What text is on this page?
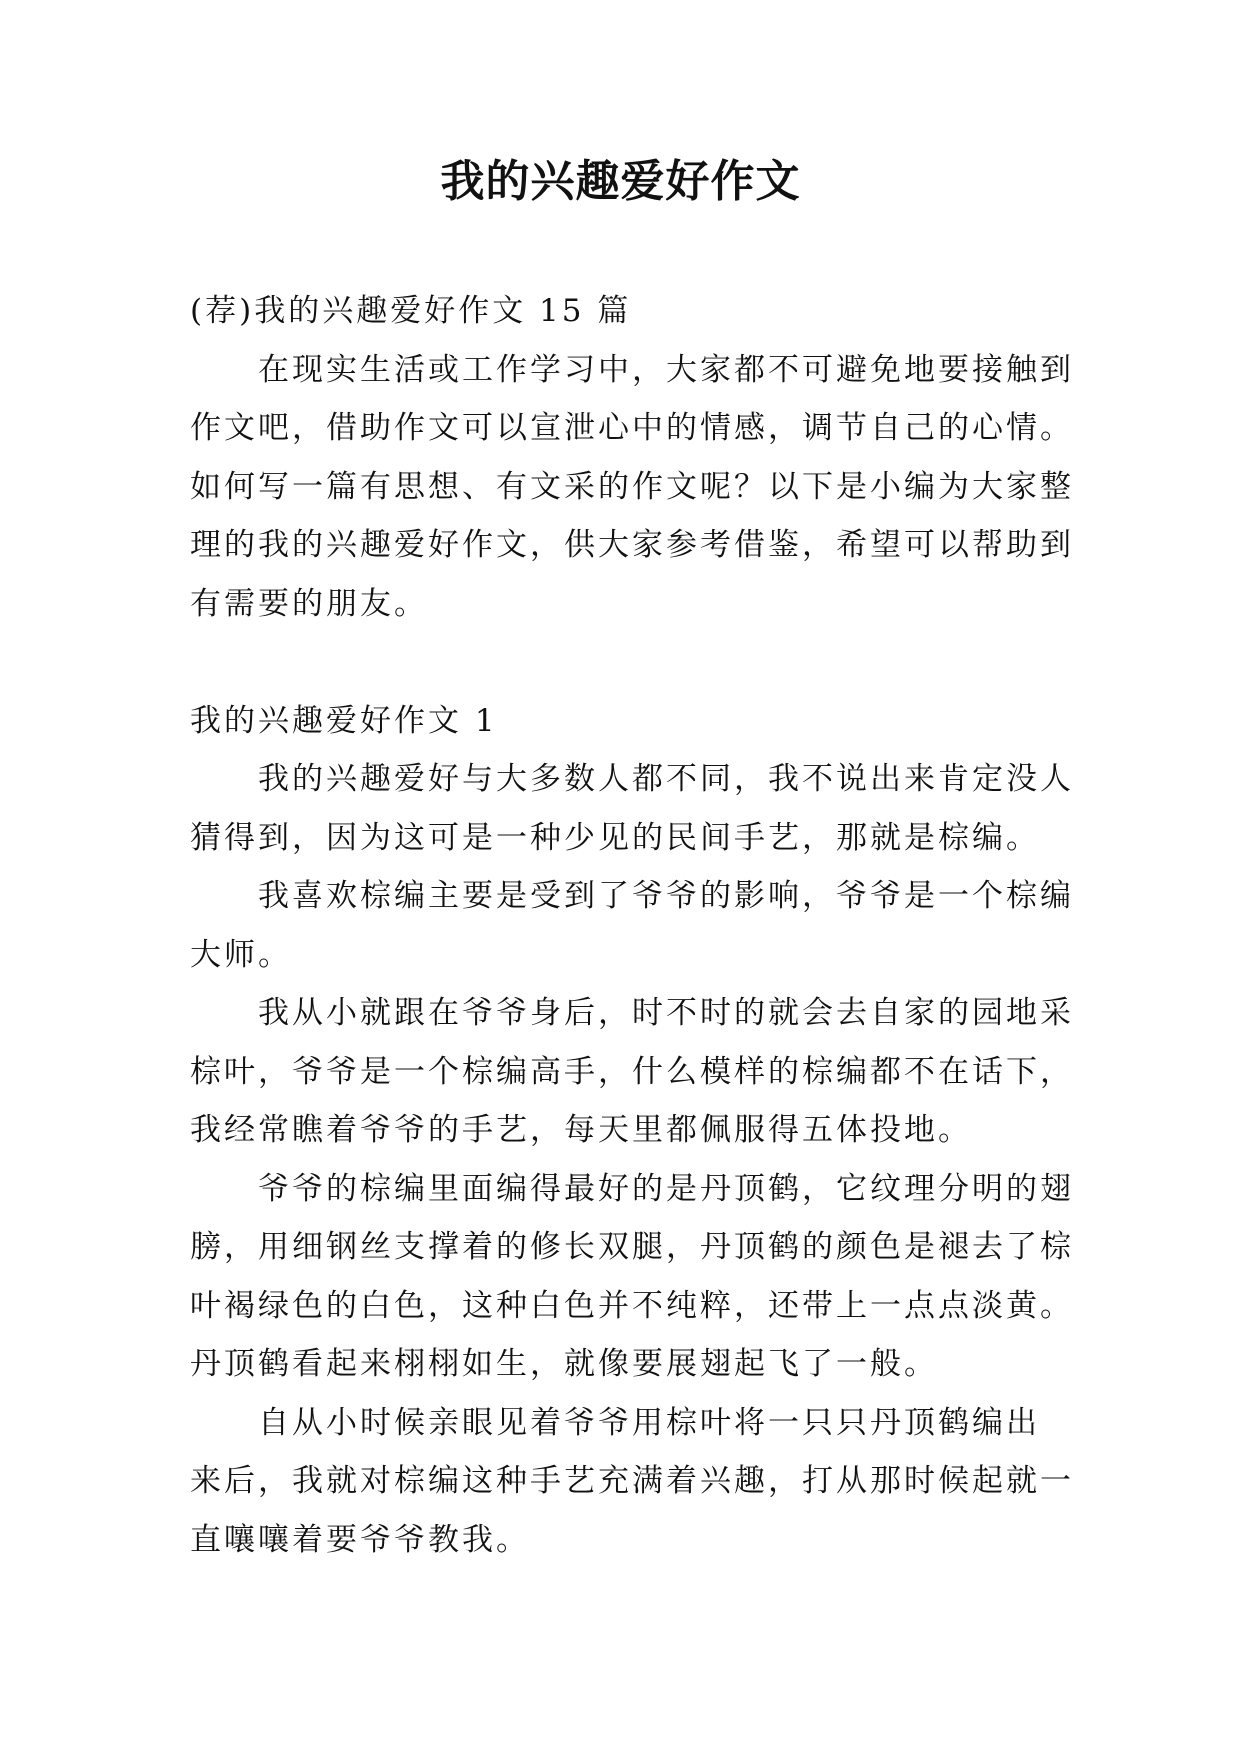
我的兴趣爱好作文
(荐)我的兴趣爱好作文 15 篇
在现实生活或工作学习中，大家都不可避免地要接触到
作文吧，借助作文可以宣泄心中的情感，调节自己的心情。
如何写一篇有思想、有文采的作文呢？以下是小编为大家整
理的我的兴趣爱好作文，供大家参考借鉴，希望可以帮助到
有需要的朋友。
我的兴趣爱好作文 1
我的兴趣爱好与大多数人都不同，我不说出来肯定没人
猜得到，因为这可是一种少见的民间手艺，那就是棕编。
我喜欢棕编主要是受到了爷爷的影响，爷爷是一个棕编
大师。
我从小就跟在爷爷身后，时不时的就会去自家的园地采
棕叶，爷爷是一个棕编高手，什么模样的棕编都不在话下，
我经常瞧着爷爷的手艺，每天里都佩服得五体投地。
爷爷的棕编里面编得最好的是丹顶鹤，它纹理分明的翅
膀，用细钢丝支撑着的修长双腿，丹顶鹤的颜色是褪去了棕
叶褐绿色的白色，这种白色并不纯粹，还带上一点点淡黄。
丹顶鹤看起来栩栩如生，就像要展翅起飞了一般。
自从小时候亲眼见着爷爷用棕叶将一只只丹顶鹤编出
来后，我就对棕编这种手艺充满着兴趣，打从那时候起就一
直嚷嚷着要爷爷教我。
